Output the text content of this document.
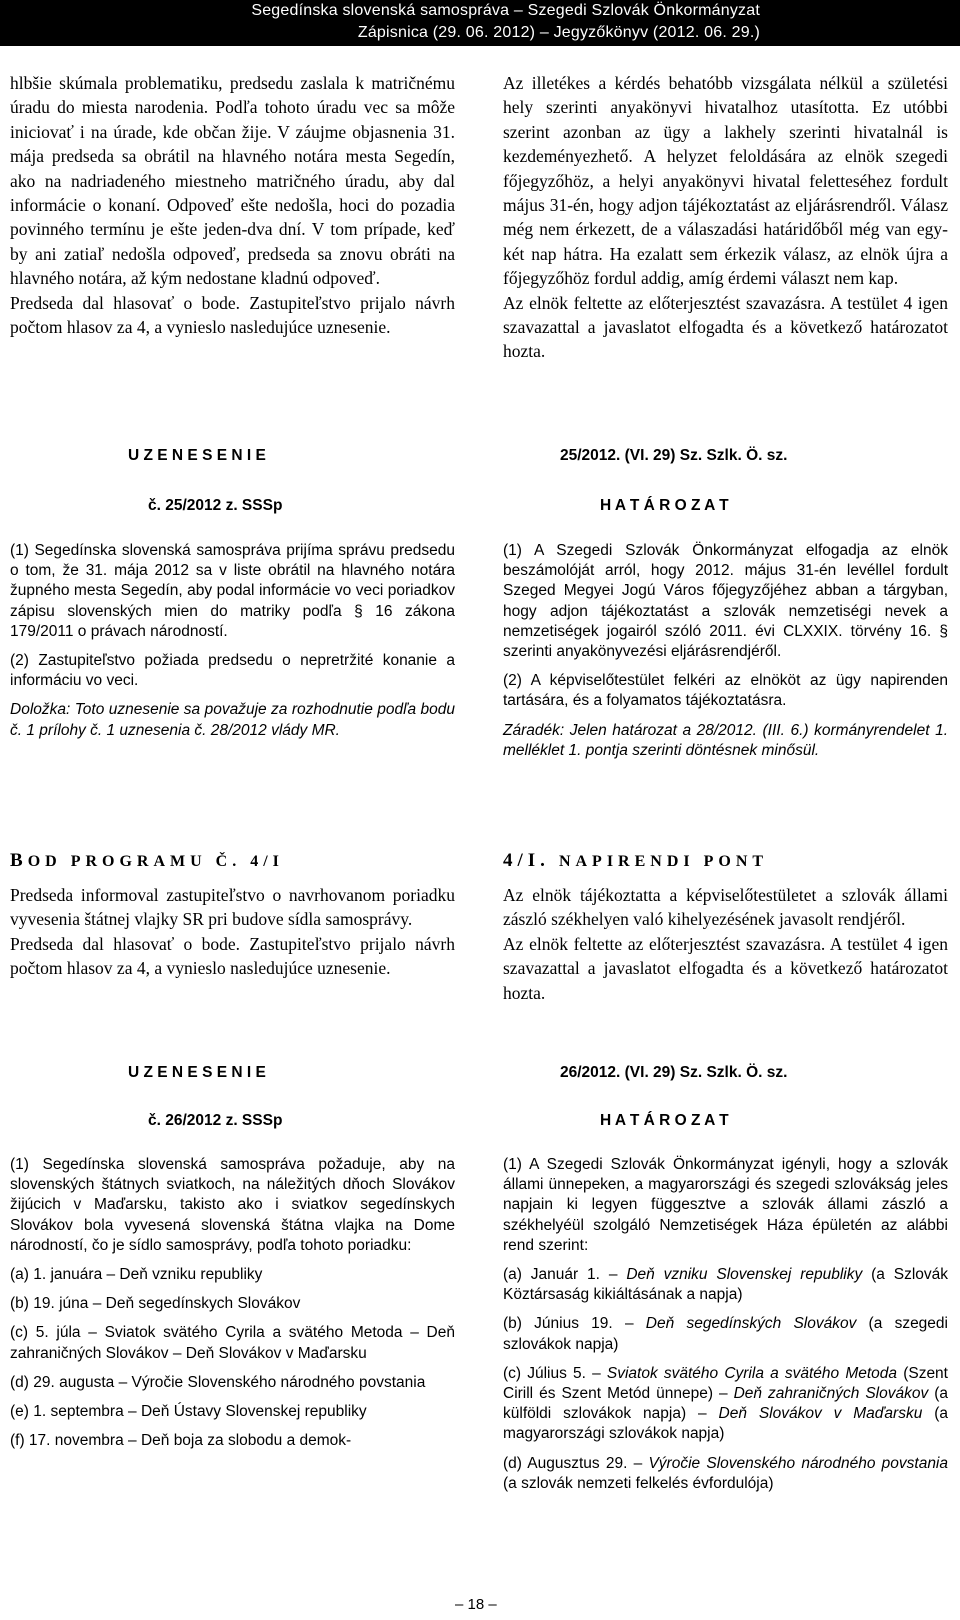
Segedínska slovenská samospráva – Szegedi Szlovák Önkormányzat
Zápisnica (29. 06. 2012) – Jegyzőkönyv (2012. 06. 29.)

hlbšie skúmala problematiku, predsedu zaslala k matričnému úradu do miesta narodenia. Podľa tohoto úradu vec sa môže iniciovať i na úrade, kde občan žije. V záujme objasnenia 31. mája predseda sa obrátil na hlavného notára mesta Segedín, ako na nadriadeného miestneho matričného úradu, aby dal informácie o konaní. Odpoveď ešte nedošla, hoci do pozadia povinného termínu je ešte jeden-dva dní. V tom prípade, keď by ani zatiaľ nedošla odpoveď, predseda sa znovu obráti na hlavného notára, až kým nedostane kladnú odpoveď.

Predseda dal hlasovať o bode. Zastupiteľstvo prijalo návrh počtom hlasov za 4, a vynieslo nasledujúce uznesenie.

Az illetékes a kérdés behatóbb vizsgálata nélkül a születési hely szerinti anyakönyvi hivatalhoz utasította. Ez utóbbi szerint azonban az ügy a lakhely szerinti hivatalnál is kezdeményezhető. A helyzet feloldására az elnök szegedi főjegyzőhöz, a helyi anyakönyvi hivatal feletteséhez fordult május 31-én, hogy adjon tájékoztatást az eljárásrendről. Válasz még nem érkezett, de a válaszadási határidőből még van egy-két nap hátra. Ha ezalatt sem érkezik válasz, az elnök újra a főjegyzőhöz fordul addig, amíg érdemi választ nem kap.

Az elnök feltette az előterjesztést szavazásra. A testület 4 igen szavazattal a javaslatot elfogadta és a következő határozatot hozta.

U Z E N E S E N I E
č. 25/2012 z. SSSp
25/2012. (VI. 29) Sz. Szlk. Ö. sz.
H A T Á R O Z A T

(1) Segedínska slovenská samospráva prijíma správu predsedu o tom, že 31. mája 2012 sa v liste obrátil na hlavného notára župného mesta Segedín, aby podal informácie vo veci poriadkov zápisu slovenských mien do matriky podľa § 16 zákona 179/2011 o právach národností.

(2) Zastupiteľstvo požiada predsedu o nepretržité konanie a informáciu vo veci.

Doložka: Toto uznesenie sa považuje za rozhodnutie podľa bodu č. 1 prílohy č. 1 uznesenia č. 28/2012 vlády MR.

(1) A Szegedi Szlovák Önkormányzat elfogadja az elnök beszámolóját arról, hogy 2012. május 31-én levéllel fordult Szeged Megyei Jogú Város főjegyzőjéhez abban a tárgyban, hogy adjon tájékoztatást a szlovák nemzetiségi nevek a nemzetiségek jogairól szóló 2011. évi CLXXIX. törvény 16. § szerinti anyakönyvezési eljárásrendjéről.

(2) A képviselőtestület felkéri az elnököt az ügy napirenden tartására, és a folyamatos tájékoztatásra.

Záradék: Jelen határozat a 28/2012. (III. 6.) kormányrendelet 1. melléklet 1. pontja szerinti döntésnek minősül.

BOD PROGRAMU Č. 4/I	4/I. NAPIRENDI PONT

Predseda informoval zastupiteľstvo o navrhovanom poriadku vyvesenia štátnej vlajky SR pri budove sídla samosprávy.

Predseda dal hlasovať o bode. Zastupiteľstvo prijalo návrh počtom hlasov za 4, a vynieslo nasledujúce uznesenie.

Az elnök tájékoztatta a képviselőtestületet a szlovák állami zászló székhelyen való kihelyezésének javasolt rendjéről.

Az elnök feltette az előterjesztést szavazásra. A testület 4 igen szavazattal a javaslatot elfogadta és a következő határozatot hozta.

U Z E N E S E N I E
č. 26/2012 z. SSSp
26/2012. (VI. 29) Sz. Szlk. Ö. sz.
H A T Á R O Z A T

(1) Segedínska slovenská samospráva požaduje, aby na slovenských štátnych sviatkoch, na náležitých dňoch Slovákov žijúcich v Maďarsku, takisto ako i sviatkov segedínskych Slovákov bola vyvesená slovenská štátna vlajka na Dome národností, čo je sídlo samosprávy, podľa tohoto poriadku:

(a) 1. januára – Deň vzniku republiky

(b) 19. júna – Deň segedínskych Slovákov

(c) 5. júla – Sviatok svätého Cyrila a svätého Metoda – Deň zahraničných Slovákov – Deň Slovákov v Maďarsku

(d) 29. augusta – Výročie Slovenského národného povstania

(e) 1. septembra – Deň Ústavy Slovenskej republiky

(f) 17. novembra – Deň boja za slobodu a demok-

(1) A Szegedi Szlovák Önkormányzat igényli, hogy a szlovák állami ünnepeken, a magyarországi és szegedi szlovákság jeles napjain ki legyen függesztve a szlovák állami zászló a székhelyéül szolgáló Nemzetiségek Háza épületén az alábbi rend szerint:

(a) Január 1. – Deň vzniku Slovenskej republiky (a Szlovák Köztársaság kikiáltásának a napja)

(b) Június 19. – Deň segedínských Slovákov (a szegedi szlovákok napja)

(c) Július 5. – Sviatok svätého Cyrila a svätého Metoda (Szent Cirill és Szent Metód ünnepe) – Deň zahraničných Slovákov (a külföldi szlovákok napja) – Deň Slovákov v Maďarsku (a magyarországi szlovákok napja)

(d) Augusztus 29. – Výročie Slovenského národného povstania (a szlovák nemzeti felkelés évfordulója)

– 18 –
